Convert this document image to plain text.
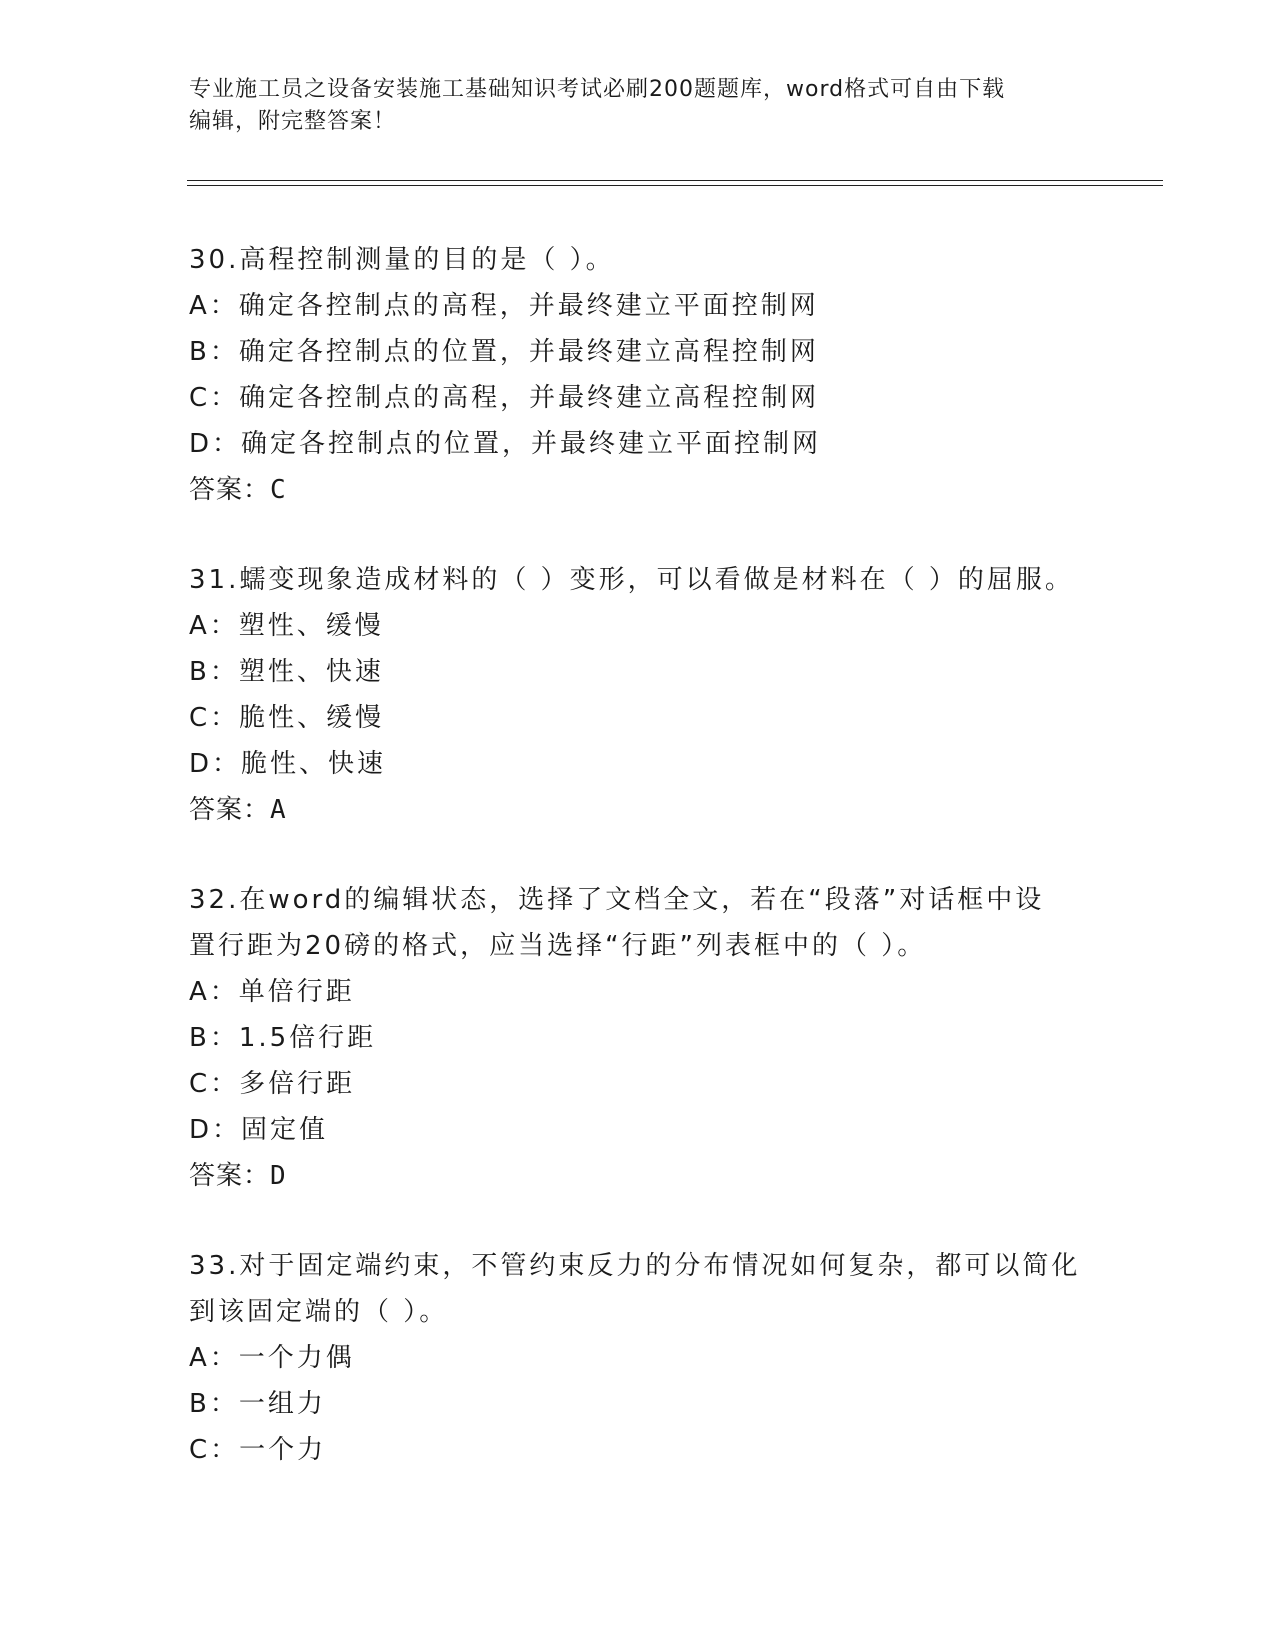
专业施工员之设备安装施工基础知识考试必刷200题题库，word格式可自由下载
编辑，附完整答案！
30.高程控制测量的目的是（ ）。
A：确定各控制点的高程，并最终建立平面控制网
B：确定各控制点的位置，并最终建立高程控制网
C：确定各控制点的高程，并最终建立高程控制网
D：确定各控制点的位置，并最终建立平面控制网
答案：C
31.蠕变现象造成材料的（ ）变形，可以看做是材料在（ ）的屈服。
A：塑性、缓慢
B：塑性、快速
C：脆性、缓慢
D：脆性、快速
答案：A
32.在word的编辑状态，选择了文档全文，若在“段落”对话框中设
置行距为20磅的格式，应当选择“行距”列表框中的（ ）。
A：单倍行距
B：1.5倍行距
C：多倍行距
D：固定值
答案：D
33.对于固定端约束，不管约束反力的分布情况如何复杂，都可以简化
到该固定端的（ ）。
A：一个力偶
B：一组力
C：一个力
